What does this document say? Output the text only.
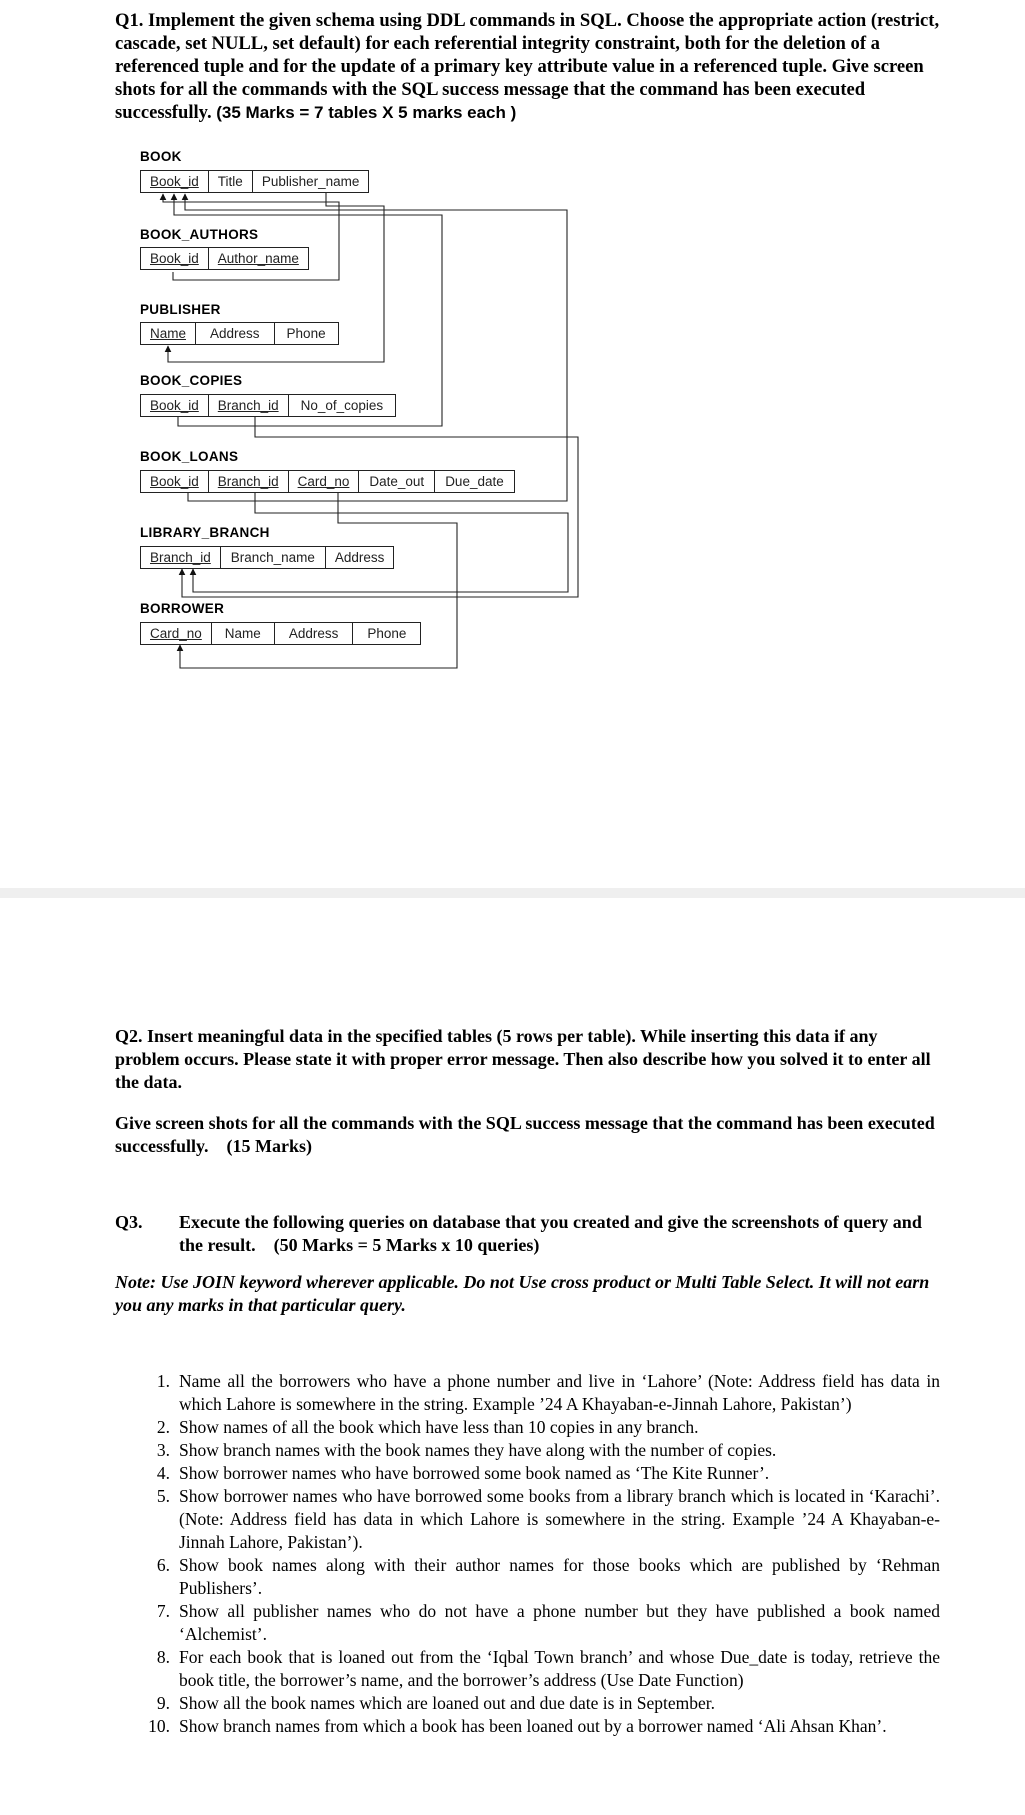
Q1. Implement the given schema using DDL commands in SQL. Choose the appropriate action (restrict, cascade, set NULL, set default) for each referential integrity constraint, both for the deletion of a referenced tuple and for the update of a primary key attribute value in a referenced tuple. Give screen shots for all the commands with the SQL success message that the command has been executed successfully. (35 Marks = 7 tables X 5 marks each )
BOOK
Book_id	Title	Publisher_name
BOOK_AUTHORS
Book_id	Author_name
PUBLISHER
Name	Address	Phone
BOOK_COPIES
Book_id	Branch_id	No_of_copies
BOOK_LOANS
Book_id	Branch_id	Card_no	Date_out	Due_date
LIBRARY_BRANCH
Branch_id	Branch_name	Address
BORROWER
Card_no	Name	Address	Phone
Q2. Insert meaningful data in the specified tables (5 rows per table). While inserting this data if any problem occurs. Please state it with proper error message. Then also describe how you solved it to enter all the data.
Give screen shots for all the commands with the SQL success message that the command has been executed successfully. (15 Marks)
Q3.	Execute the following queries on database that you created and give the screenshots of query and the result. (50 Marks = 5 Marks x 10 queries)
Note: Use JOIN keyword wherever applicable. Do not Use cross product or Multi Table Select. It will not earn you any marks in that particular query.
1. Name all the borrowers who have a phone number and live in ‘Lahore’ (Note: Address field has data in which Lahore is somewhere in the string. Example ’24 A Khayaban-e-Jinnah Lahore, Pakistan’)
2. Show names of all the book which have less than 10 copies in any branch.
3. Show branch names with the book names they have along with the number of copies.
4. Show borrower names who have borrowed some book named as ‘The Kite Runner’.
5. Show borrower names who have borrowed some books from a library branch which is located in ‘Karachi’. (Note: Address field has data in which Lahore is somewhere in the string. Example ’24 A Khayaban-e-Jinnah Lahore, Pakistan’).
6. Show book names along with their author names for those books which are published by ‘Rehman Publishers’.
7. Show all publisher names who do not have a phone number but they have published a book named ‘Alchemist’.
8. For each book that is loaned out from the ‘Iqbal Town branch’ and whose Due_date is today, retrieve the book title, the borrower’s name, and the borrower’s address (Use Date Function)
9. Show all the book names which are loaned out and due date is in September.
10. Show branch names from which a book has been loaned out by a borrower named ‘Ali Ahsan Khan’.
